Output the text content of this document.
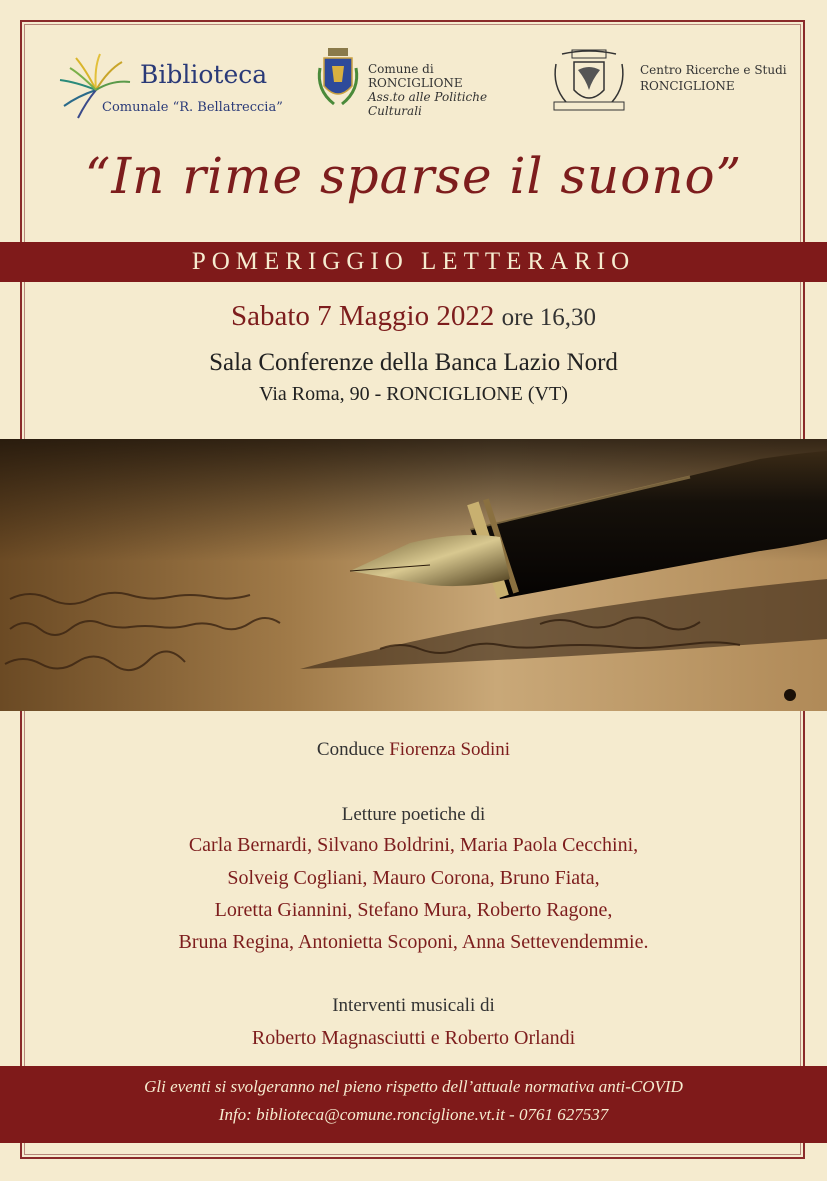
Biblioteca
Comunale “R. Bellatreccia”
Comune di
RONCIGLIONE
Ass.to alle Politiche Culturali
Centro Ricerche e Studi
RONCIGLIONE
“In rime sparse il suono”
POMERIGGIO LETTERARIO
Sabato 7 Maggio 2022 ore 16,30
Sala Conferenze della Banca Lazio Nord
Via Roma, 90 - RONCIGLIONE (VT)
Conduce Fiorenza Sodini
Letture poetiche di
Carla Bernardi, Silvano Boldrini, Maria Paola Cecchini,
Solveig Cogliani, Mauro Corona, Bruno Fiata,
Loretta Giannini, Stefano Mura, Roberto Ragone,
Bruna Regina, Antonietta Scoponi, Anna Settevendemmie.
Interventi musicali di
Roberto Magnasciutti e Roberto Orlandi
Gli eventi si svolgeranno nel pieno rispetto dell’attuale normativa anti-COVID
Info: biblioteca@comune.ronciglione.vt.it - 0761 627537
